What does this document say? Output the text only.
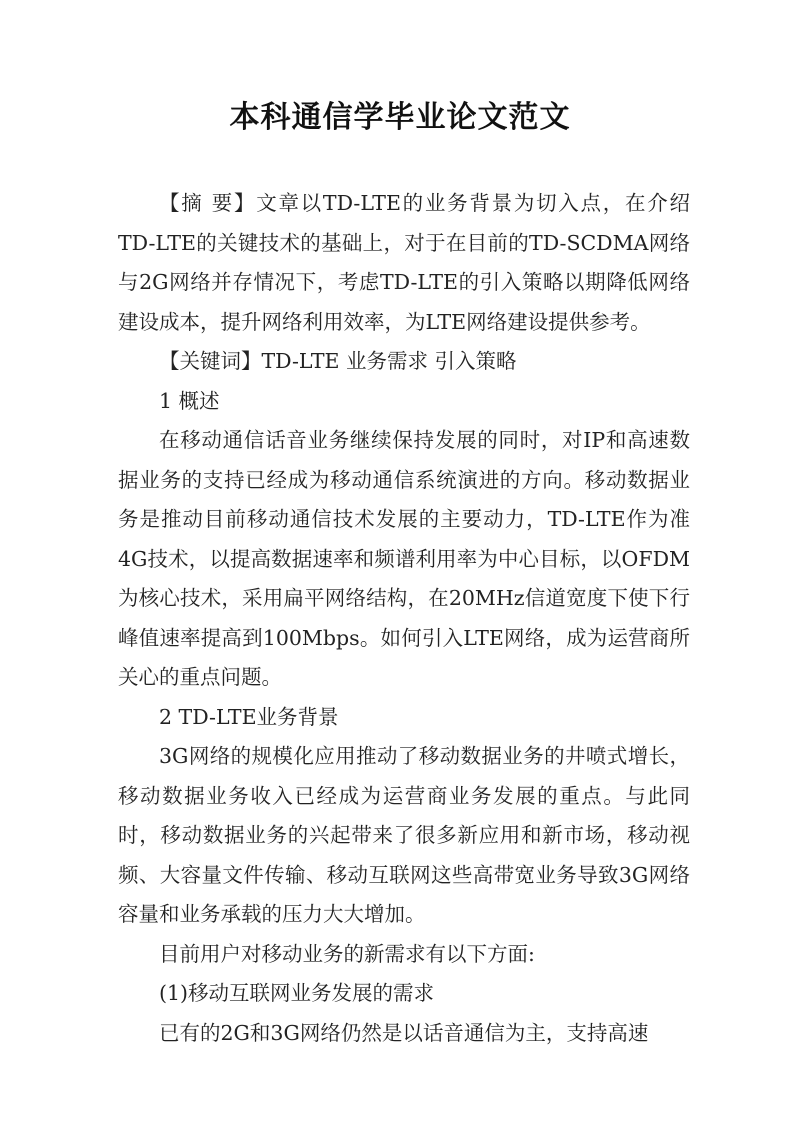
本科通信学毕业论文范文

【摘 要】文章以TD-LTE的业务背景为切入点，在介绍TD-LTE的关键技术的基础上，对于在目前的TD-SCDMA网络与2G网络并存情况下，考虑TD-LTE的引入策略以期降低网络建设成本，提升网络利用效率，为LTE网络建设提供参考。

【关键词】TD-LTE 业务需求 引入策略

1 概述

在移动通信话音业务继续保持发展的同时，对IP和高速数据业务的支持已经成为移动通信系统演进的方向。移动数据业务是推动目前移动通信技术发展的主要动力，TD-LTE作为准4G技术，以提高数据速率和频谱利用率为中心目标，以OFDM为核心技术，采用扁平网络结构，在20MHz信道宽度下使下行峰值速率提高到100Mbps。如何引入LTE网络，成为运营商所关心的重点问题。

2 TD-LTE业务背景

3G网络的规模化应用推动了移动数据业务的井喷式增长，移动数据业务收入已经成为运营商业务发展的重点。与此同时，移动数据业务的兴起带来了很多新应用和新市场，移动视频、大容量文件传输、移动互联网这些高带宽业务导致3G网络容量和业务承载的压力大大增加。

目前用户对移动业务的新需求有以下方面:

(1)移动互联网业务发展的需求

已有的2G和3G网络仍然是以话音通信为主，支持高速
